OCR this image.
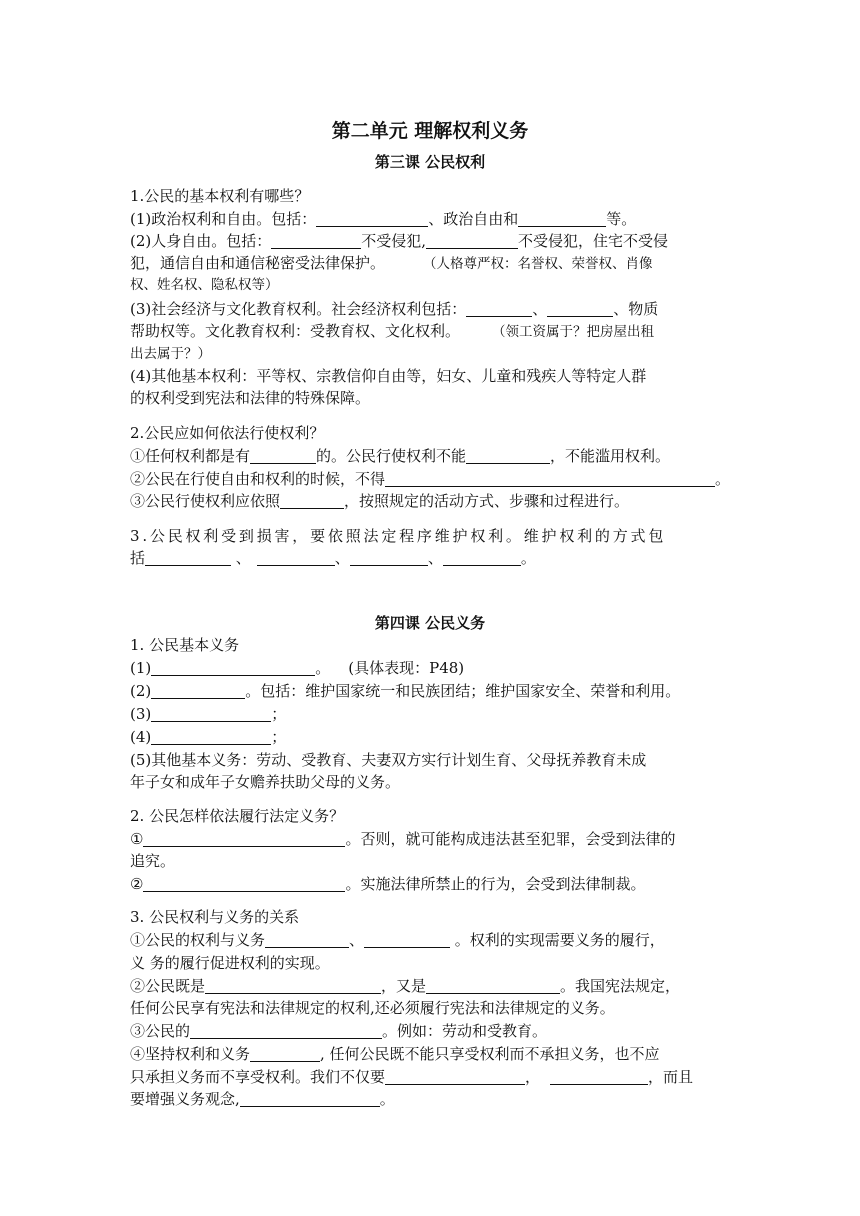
第二单元 理解权利义务
第三课 公民权利
1.公民的基本权利有哪些？
(1)政治权利和自由。包括：	、政治自由和	等。
(2)人身自由。包括：	不受侵犯,	不受侵犯，住宅不受侵
犯，通信自由和通信秘密受法律保护。	（人格尊严权：名誉权、荣誉权、肖像
权、姓名权、隐私权等）
(3)社会经济与文化教育权利。社会经济权利包括：	、	、物质
帮助权等。文化教育权利：受教育权、文化权利。 （领工资属于？把房屋出租
出去属于？）
(4)其他基本权利：平等权、宗教信仰自由等，妇女、儿童和残疾人等特定人群
的权利受到宪法和法律的特殊保障。
2.公民应如何依法行使权利？
①任何权利都是有	的。公民行使权利不能	，不能滥用权利。
②公民在行使自由和权利的时候，不得	。
③公民行使权利应依照	，按照规定的活动方式、步骤和过程进行。
3.公民权利受到损害，要依照法定程序维护权利。维护权利的方式包
括	、	、	、	。
第四课 公民义务
1. 公民基本义务
(1)	。 (具体表现：P48)
(2)	。包括：维护国家统一和民族团结；维护国家安全、荣誉和利用。
(3)	；
(4)	；
(5)其他基本义务：劳动、受教育、夫妻双方实行计划生育、父母抚养教育未成
年子女和成年子女赡养扶助父母的义务。
2. 公民怎样依法履行法定义务？
①	。否则，就可能构成违法甚至犯罪，会受到法律的
追究。
②	。实施法律所禁止的行为，会受到法律制裁。
3. 公民权利与义务的关系
①公民的权利与义务	、	。权利的实现需要义务的履行，
义 务的履行促进权利的实现。
②公民既是	，又是	。我国宪法规定，
任何公民享有宪法和法律规定的权利,还必须履行宪法和法律规定的义务。
③公民的	。例如：劳动和受教育。
④坚持权利和义务	, 任何公民既不能只享受权利而不承担义务，也不应
只承担义务而不享受权利。我们不仅要	，	，而且
要增强义务观念,	。
